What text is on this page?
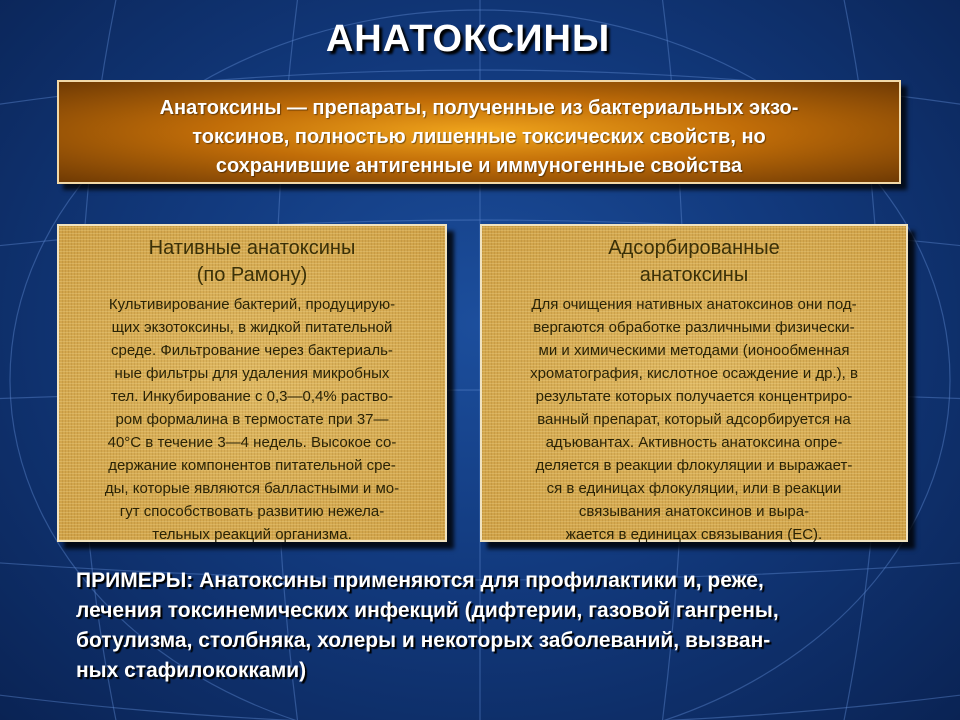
АНАТОКСИНЫ
Анатоксины — препараты, полученные из бактериальных экзо-
токсинов, полностью лишенные токсических свойств, но
сохранившие антигенные и иммуногенные свойства
Нативные анатоксины
(по Рамону)
Культивирование бактерий, продуцирую-
щих экзотоксины, в жидкой питательной
среде. Фильтрование через бактериаль-
ные фильтры для удаления микробных
тел. Инкубирование с 0,3—0,4% раство-
ром формалина в термостате при 37—
40°С в течение 3—4 недель. Высокое со-
держание компонентов питательной сре-
ды, которые являются балластными и мо-
гут способствовать развитию нежела-
тельных реакций организма.
Адсорбированные
анатоксины
Для очищения нативных анатоксинов они под-
вергаются обработке различными физически-
ми и химическими методами (ионообменная
хроматография, кислотное осаждение и др.), в
результате которых получается концентриро-
ванный препарат, который адсорбируется на
адъювантах. Активность анатоксина опре-
деляется в реакции флокуляции и выражает-
ся в единицах флокуляции, или в реакции
связывания анатоксинов и выра-
жается в единицах связывания (ЕС).
ПРИМЕРЫ: Анатоксины применяются для профилактики и, реже,
лечения токсинемических инфекций (дифтерии, газовой гангрены,
ботулизма, столбняка, холеры и некоторых заболеваний, вызван-
ных стафилококками)
